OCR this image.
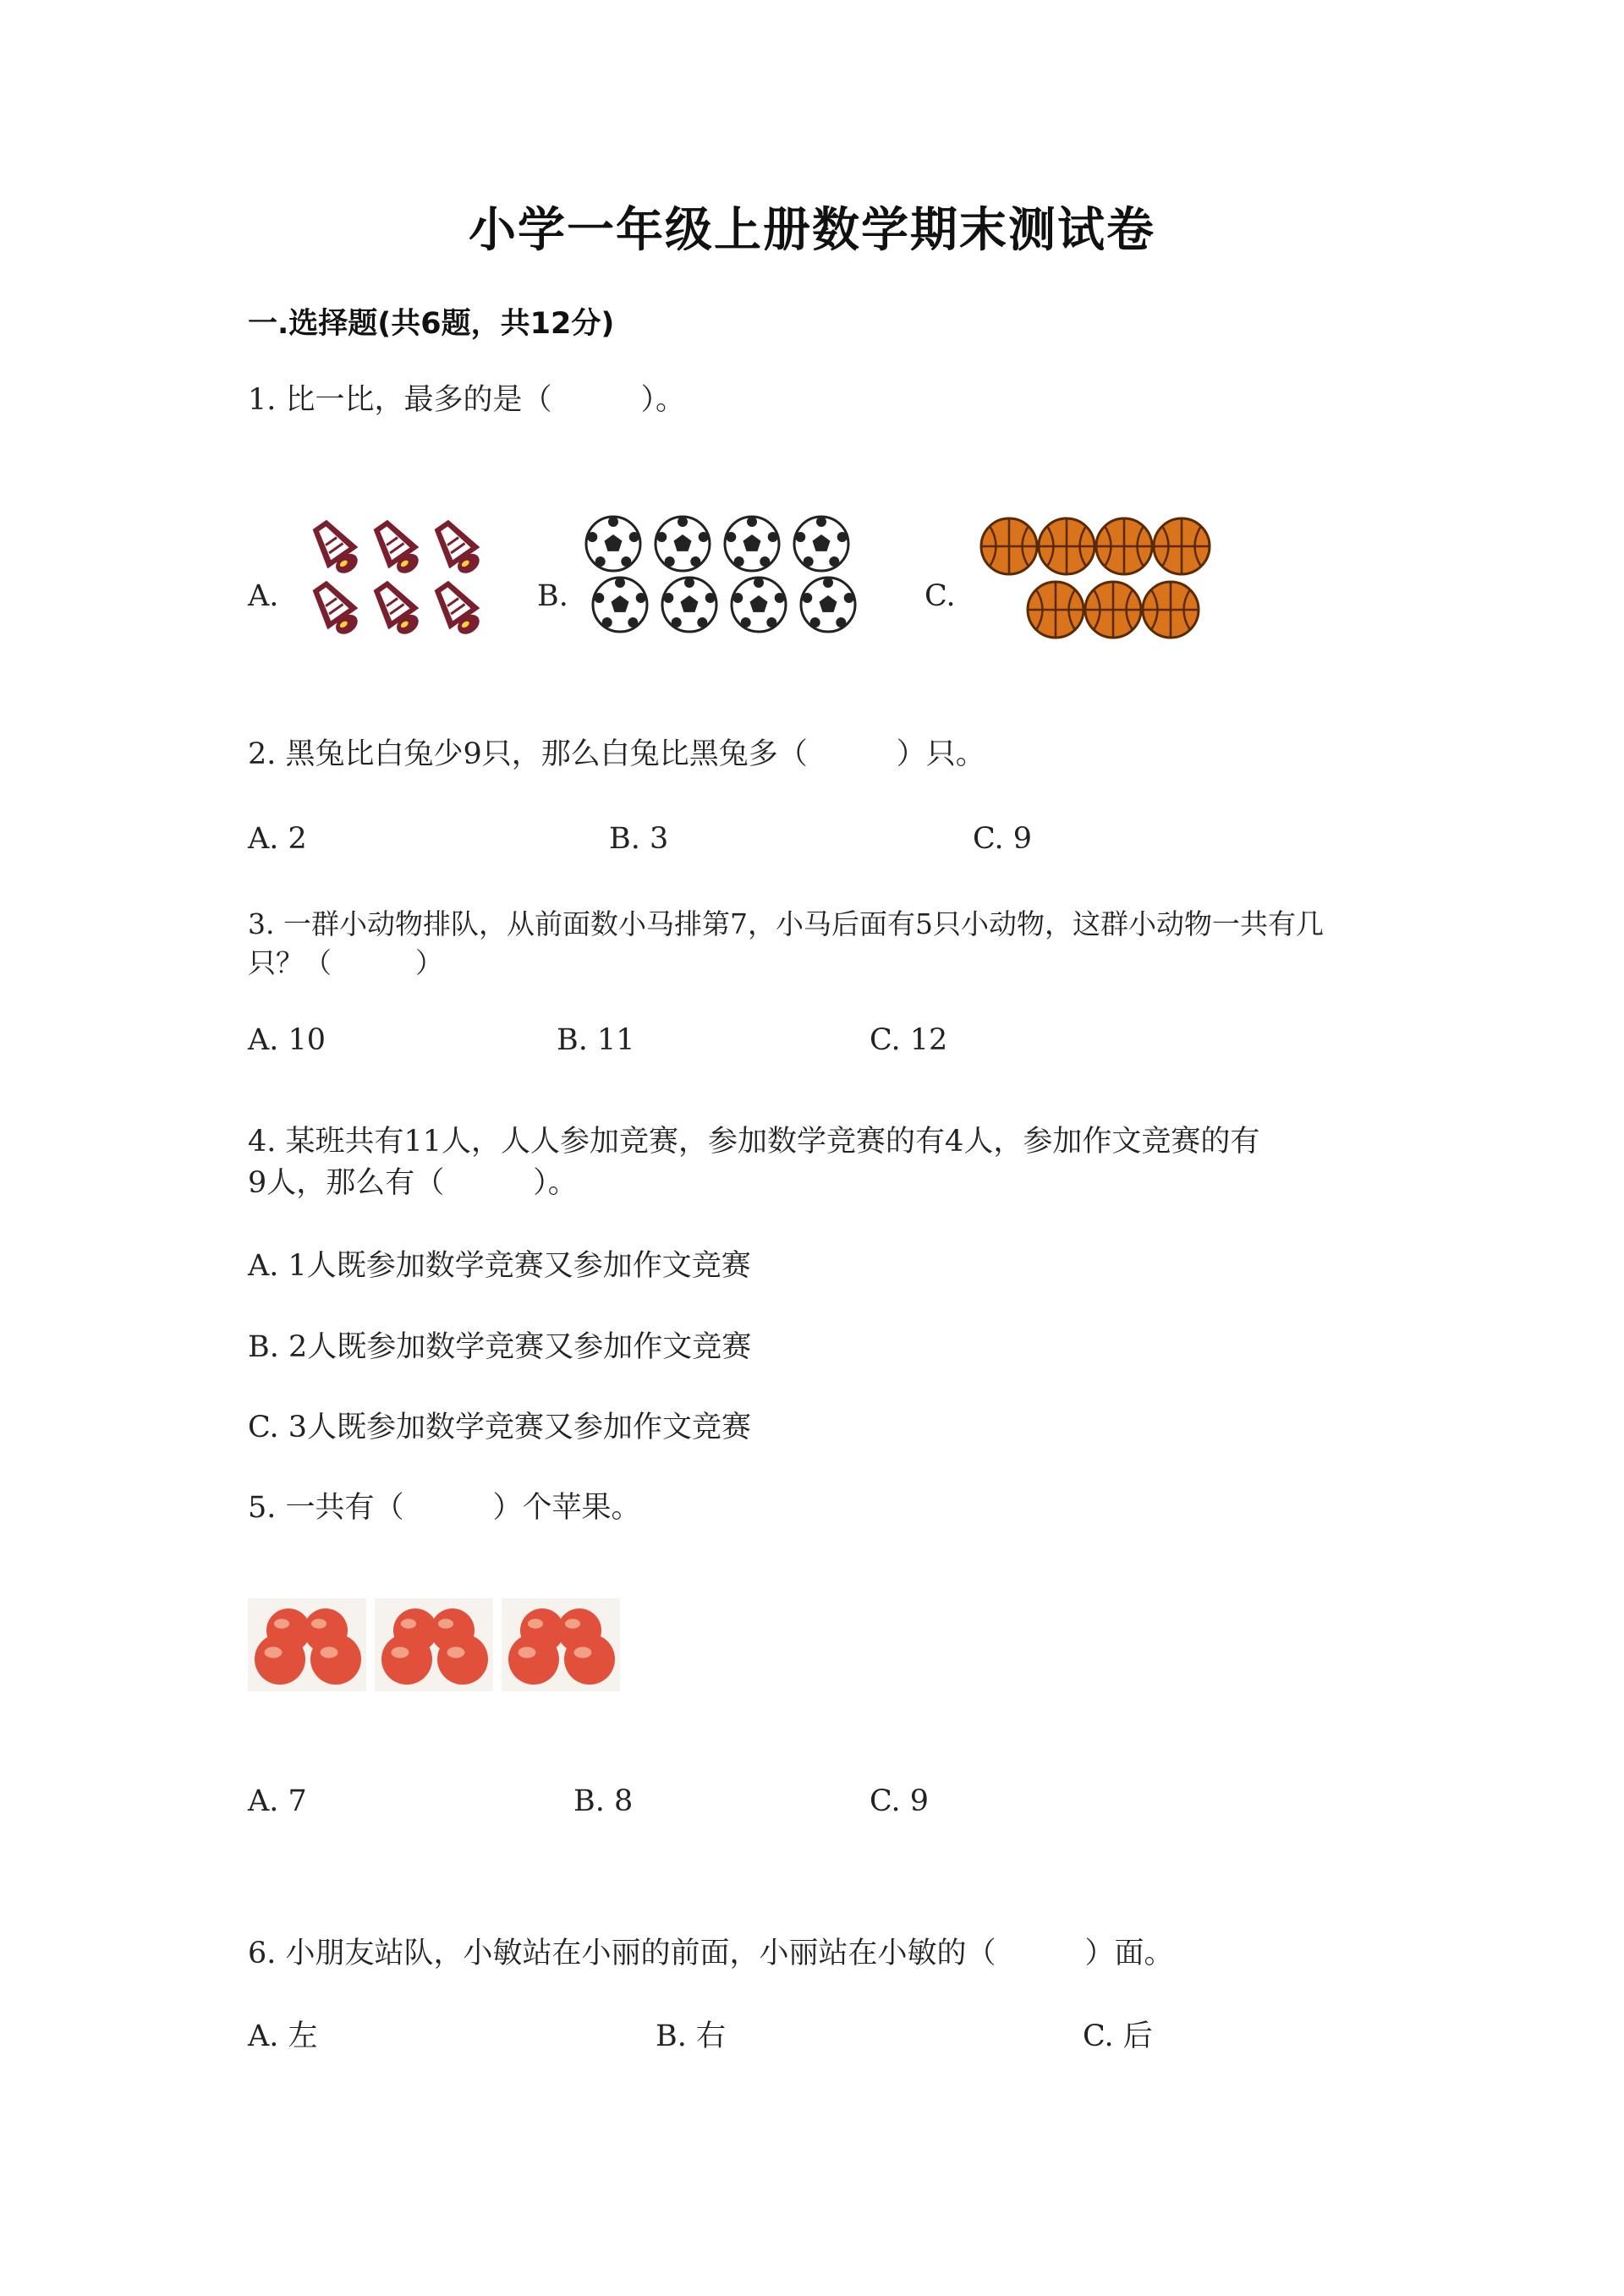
小学一年级上册数学期末测试卷
一.选择题(共6题，共12分)
1. 比一比，最多的是（　　　）。
A.	B.	C.
2. 黑兔比白兔少9只，那么白兔比黑兔多（　　　）只。
A. 2	B. 3	C. 9
3. 一群小动物排队，从前面数小马排第7，小马后面有5只小动物，这群小动物一共有几
只？（　　　）
A. 10	B. 11	C. 12
4. 某班共有11人，人人参加竞赛，参加数学竞赛的有4人，参加作文竞赛的有
9人，那么有（　　　）。
A. 1人既参加数学竞赛又参加作文竞赛
B. 2人既参加数学竞赛又参加作文竞赛
C. 3人既参加数学竞赛又参加作文竞赛
5. 一共有（　　　）个苹果。
A. 7	B. 8	C. 9
6. 小朋友站队，小敏站在小丽的前面，小丽站在小敏的（　　　）面。
A. 左	B. 右	C. 后
